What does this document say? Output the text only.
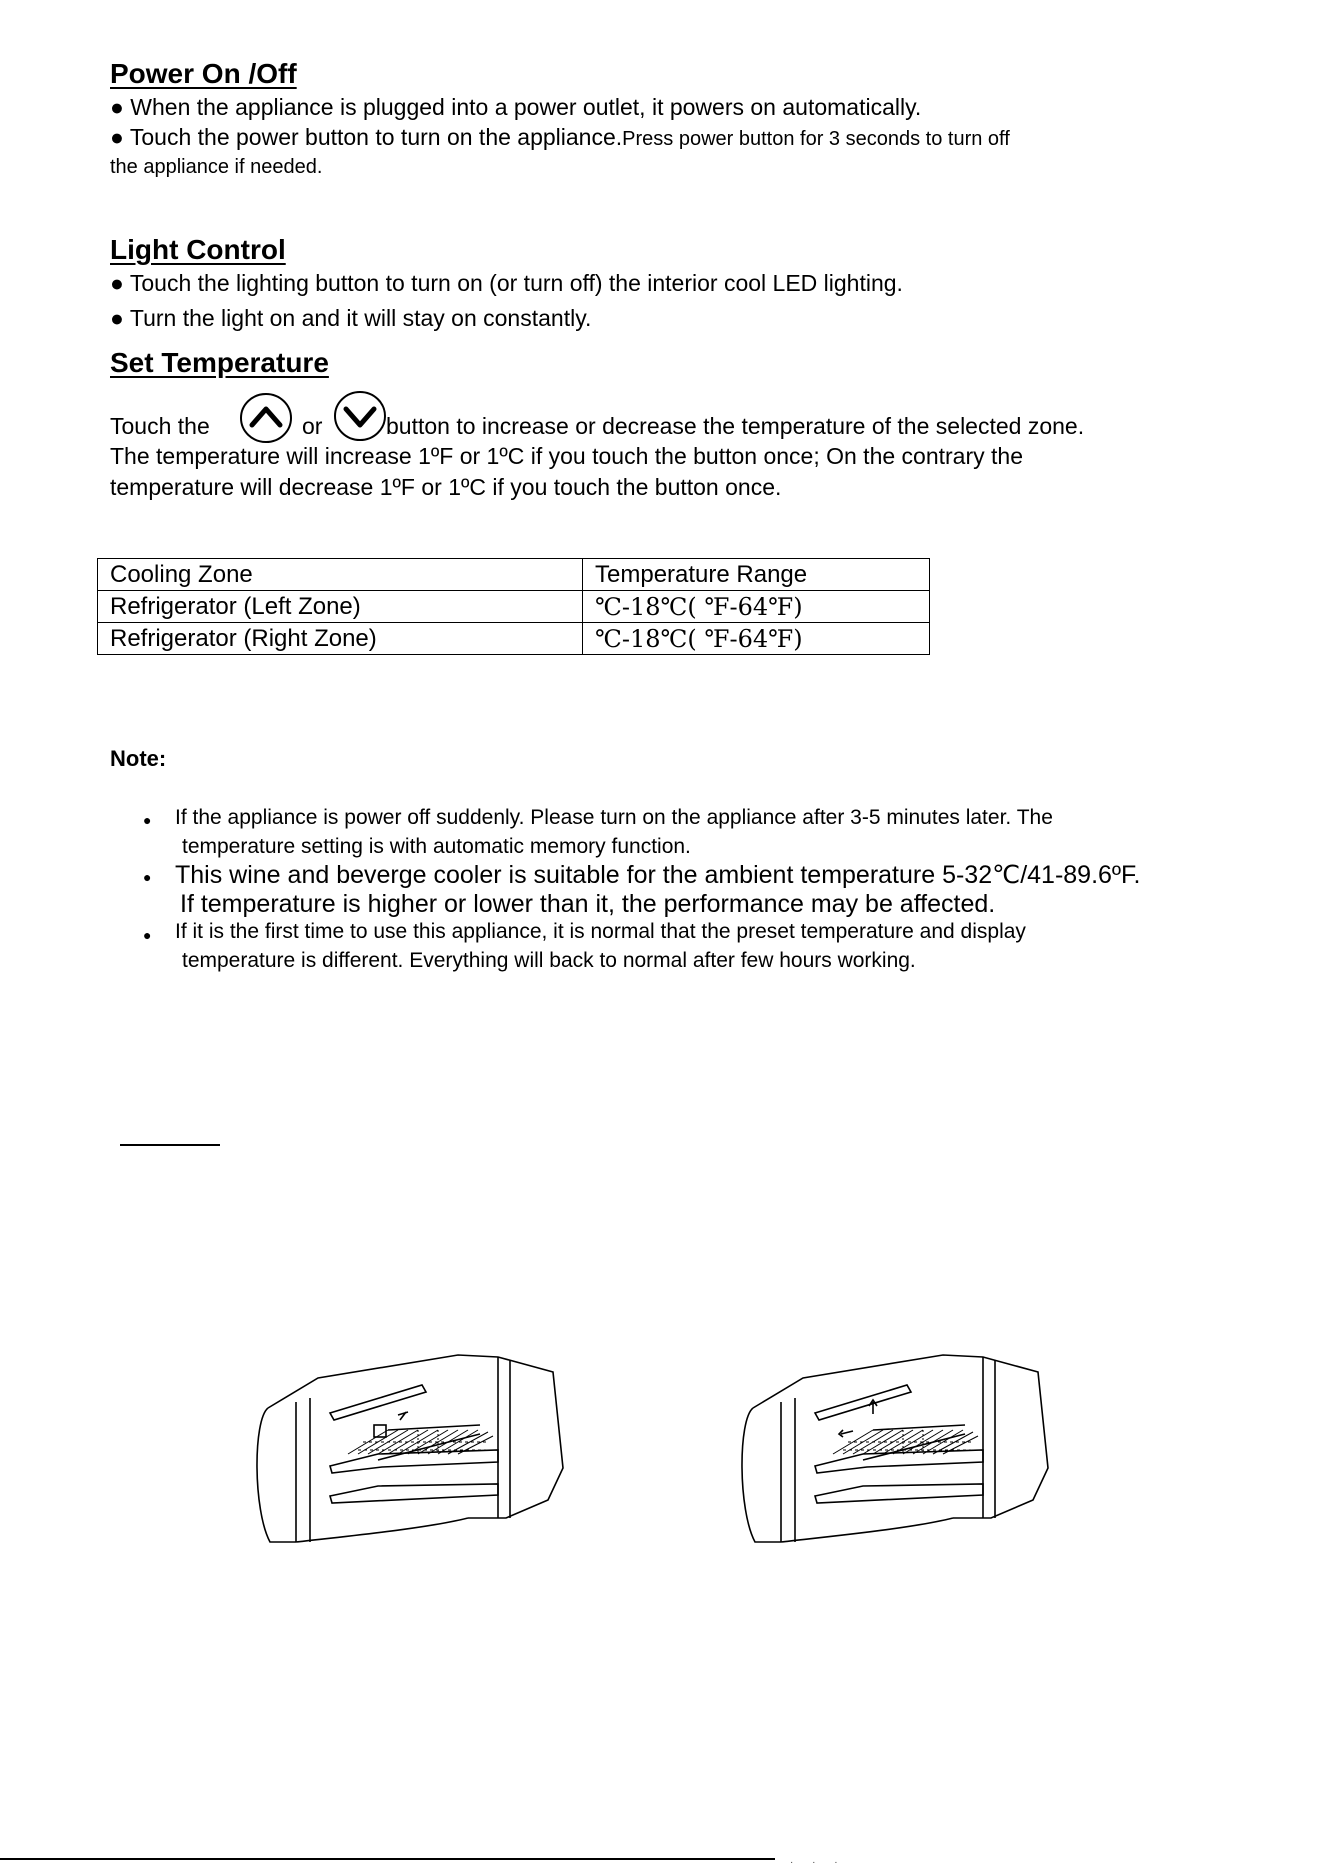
Power On /Off
● When the appliance is plugged into a power outlet, it powers on automatically.
● Touch the power button to turn on the appliance.Press power button for 3 seconds to turn off
the appliance if needed.
Light Control
● Touch the lighting button to turn on (or turn off) the interior cool LED lighting.
● Turn the light on and it will stay on constantly.
Set Temperature
Touch the	or	button to increase or decrease the temperature of the selected zone.
The temperature will increase 1ºF or 1ºC if you touch the button once; On the contrary the
temperature will decrease 1ºF or 1ºC if you touch the button once.
Cooling Zone	Temperature Range
Refrigerator (Left Zone)	℃-18℃( ℉-64℉)
Refrigerator (Right Zone)	℃-18℃( ℉-64℉)
Note:
● If the appliance is power off suddenly. Please turn on the appliance after 3-5 minutes later. The
temperature setting is with automatic memory function.
● This wine and beverge cooler is suitable for the ambient temperature 5-32℃/41-89.6ºF.
If temperature is higher or lower than it, the performance may be affected.
● If it is the first time to use this appliance, it is normal that the preset temperature and display
temperature is different. Everything will back to normal after few hours working.
· · ·
